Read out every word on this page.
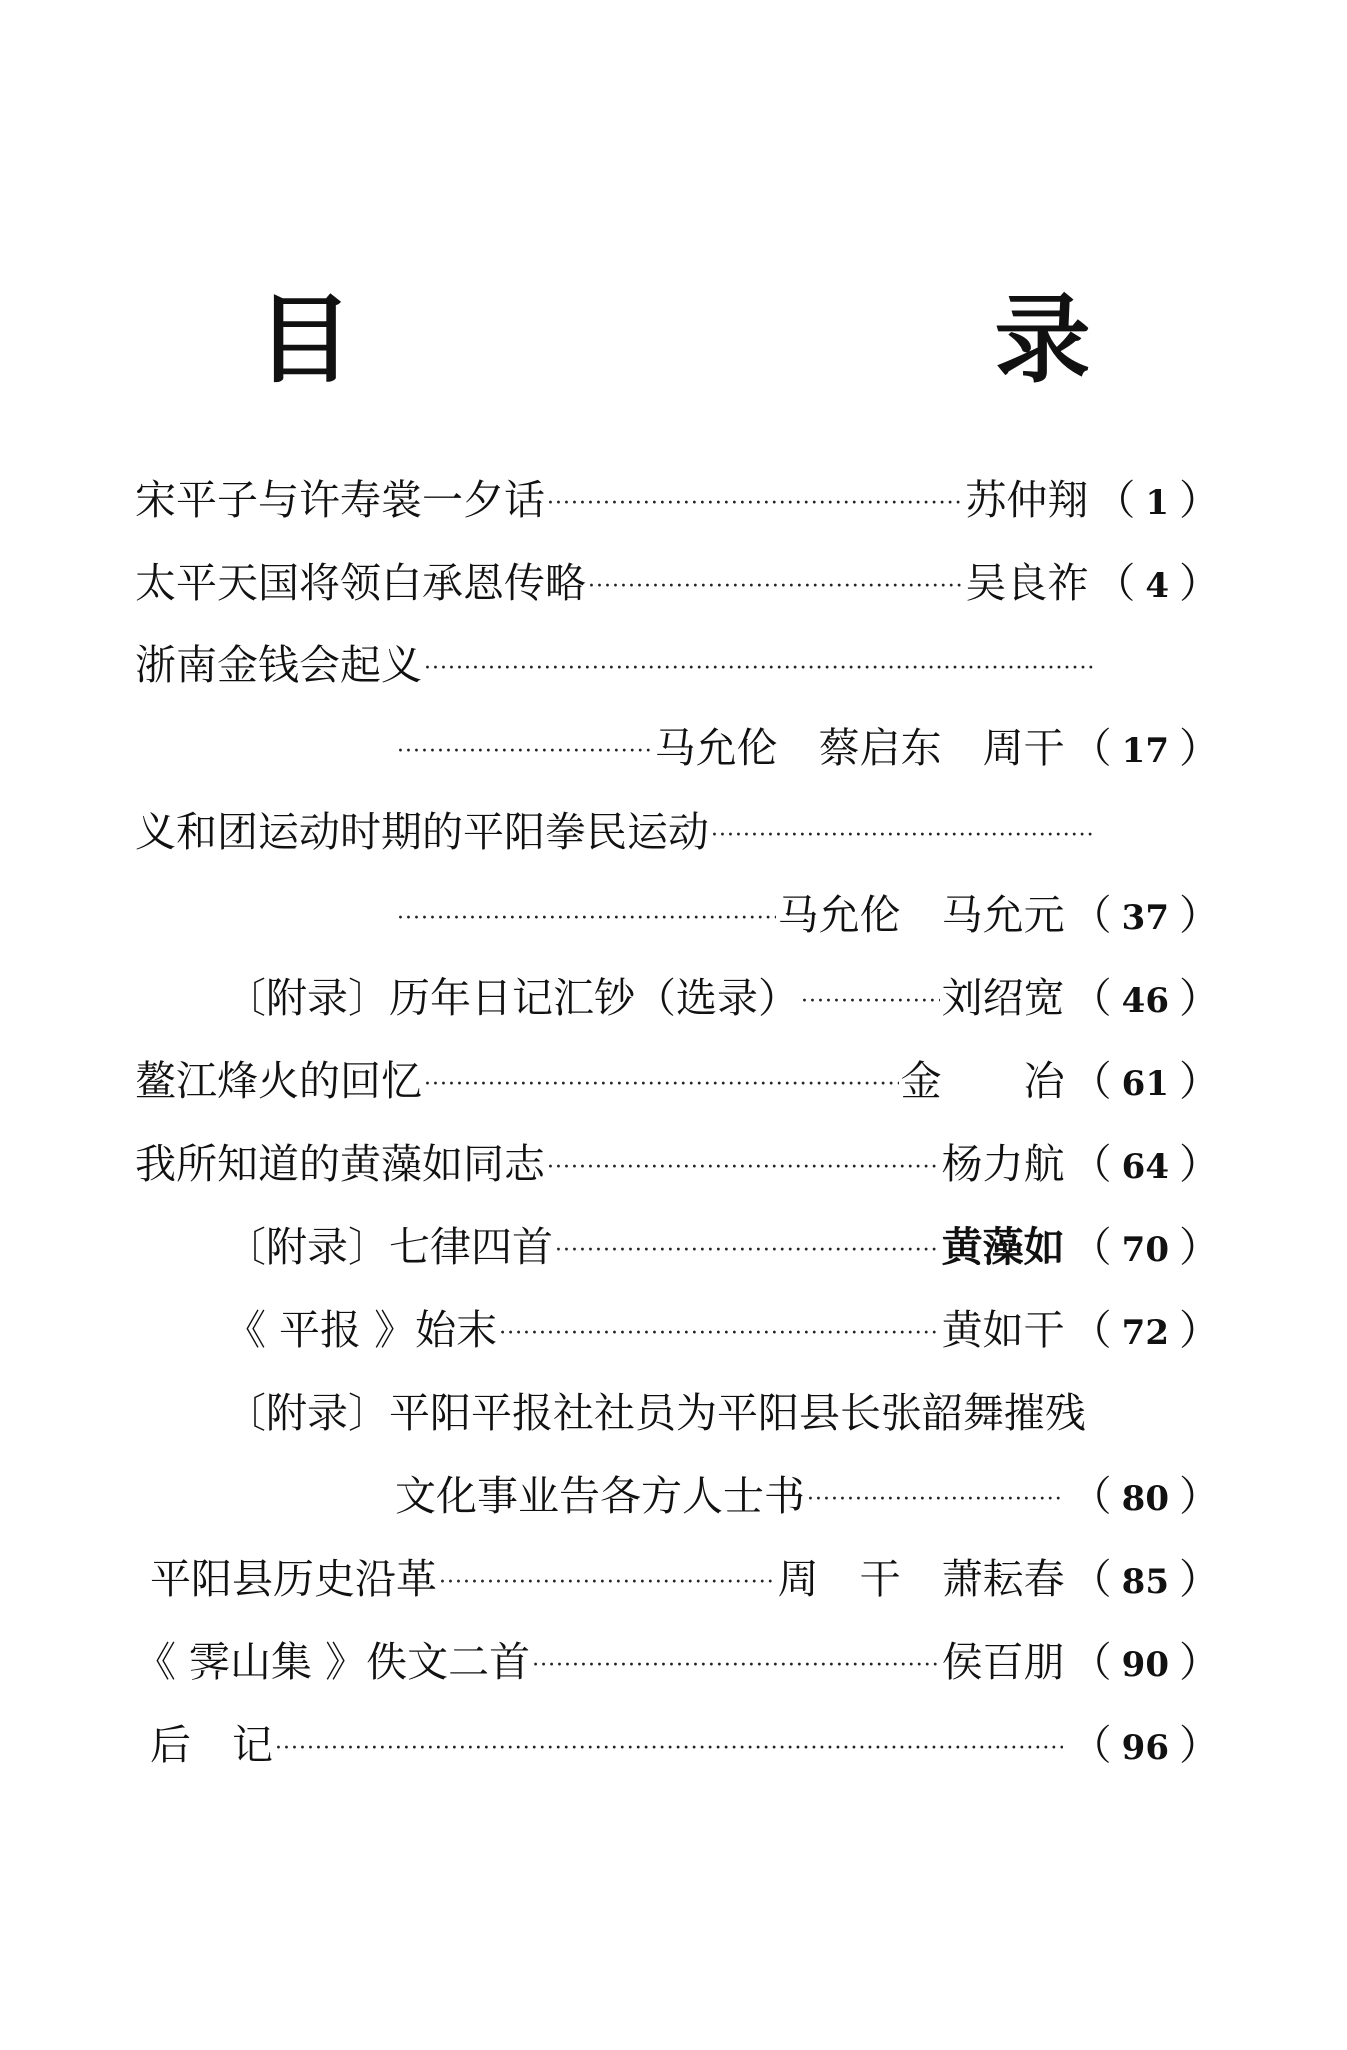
目　　录
宋平子与许寿裳一夕话 ·····	苏仲翔 （ 1 ）
太平天国将领白承恩传略 ·····	吴良祚 （ 4 ）
浙南金钱会起义
·····
·····
马允伦　蔡启东　周干 （ 17 ）
义和团运动时期的平阳拳民运动
·····
·····
马允伦　马允元 （ 37 ）
〔附录〕历年日记汇钞（选录） ·····	刘绍宽 （ 46 ）
鳌江烽火的回忆 ·····	金　　冶 （ 61 ）
我所知道的黄藻如同志 ·····	杨力航 （ 64 ）
〔附录〕七律四首 ·····	黄藻如 （ 70 ）
《 平报 》始末 ·····	黄如干 （ 72 ）
〔附录〕平阳平报社社员为平阳县长张韶舞摧残
文化事业告各方人士书 ·····	（ 80 ）
平阳县历史沿革 ·····	周　干　萧耘春 （ 85 ）
《 霁山集 》佚文二首 ·····	侯百朋 （ 90 ）
后　记 ·····	（ 96 ）
